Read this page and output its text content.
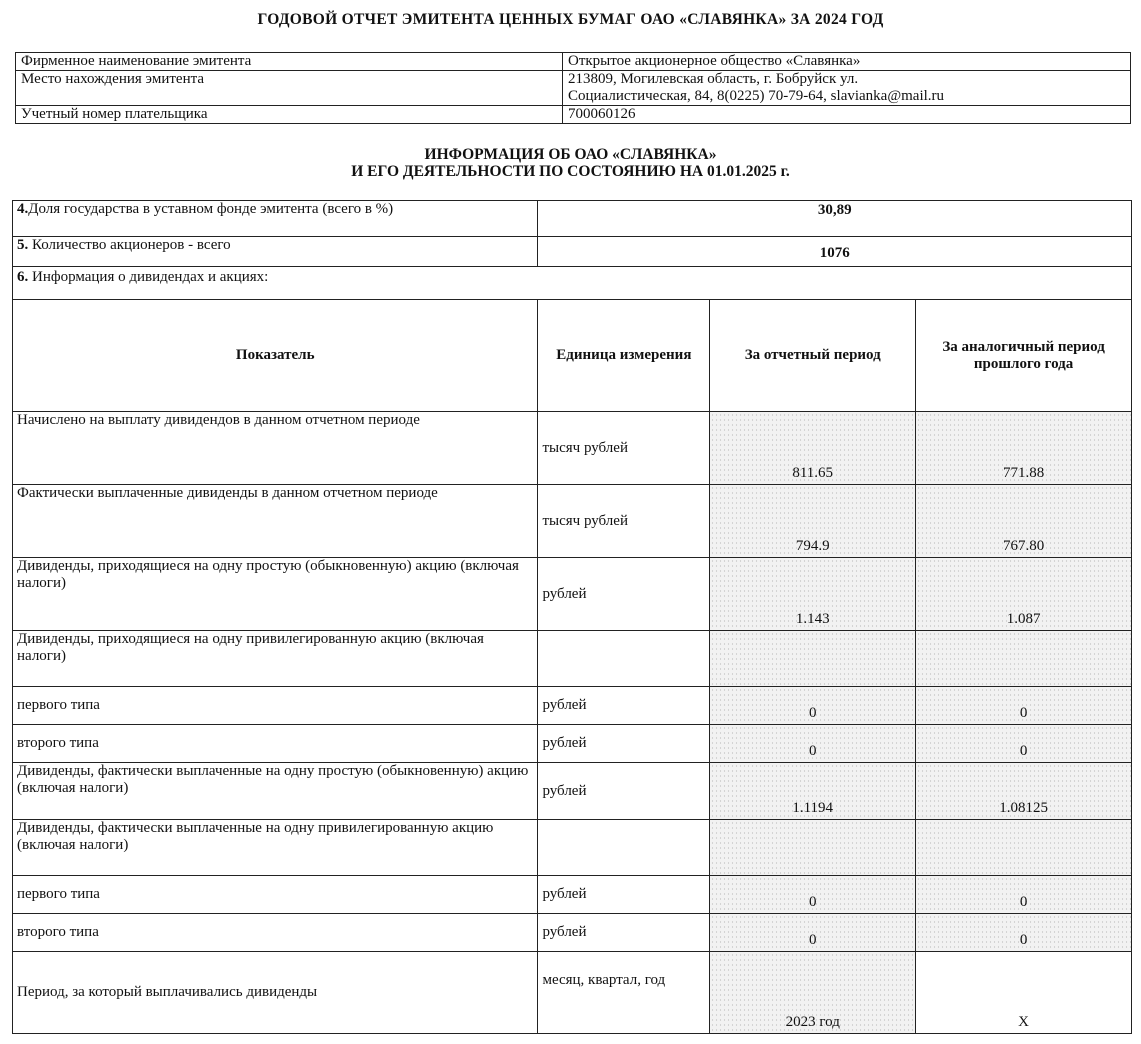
ГОДОВОЙ ОТЧЕТ ЭМИТЕНТА ЦЕННЫХ БУМАГ ОАО «СЛАВЯНКА» ЗА 2024 ГОД
Фирменное наименование эмитента	Открытое акционерное общество «Славянка»
Место нахождения эмитента	213809, Могилевская область, г. Бобруйск ул.
Социалистическая, 84, 8(0225) 70-79-64, slavianka@mail.ru

Учетный номер плательщика	700060126
ИНФОРМАЦИЯ ОБ ОАО «СЛАВЯНКА»
И ЕГО ДЕЯТЕЛЬНОСТИ ПО СОСТОЯНИЮ НА 01.01.2025 г.
4.Доля государства в уставном фонде эмитента (всего в %)	30,89		
5. Количество акционеров - всего	1076		
6. Информация о дивидендах и акциях:			
Показатель	Единица измерения	За отчетный период	За аналогичный период прошлого года
Начислено на выплату дивидендов в данном отчетном периоде	тысяч рублей	811.65	771.88
Фактически выплаченные дивиденды в данном отчетном периоде	тысяч рублей	794.9	767.80
Дивиденды, приходящиеся на одну простую (обыкновенную) акцию (включая налоги)	рублей	1.143	1.087
Дивиденды, приходящиеся на одну привилегированную акцию (включая налоги)			
первого типа	рублей	0	0
второго типа	рублей	0	0
Дивиденды, фактически выплаченные на одну простую (обыкновенную) акцию (включая налоги)	рублей	1.1194	1.08125
Дивиденды, фактически выплаченные на одну привилегированную акцию (включая налоги)			
первого типа	рублей	0	0
второго типа	рублей	0	0
Период, за который выплачивались дивиденды	месяц, квартал, год	2023 год	X
